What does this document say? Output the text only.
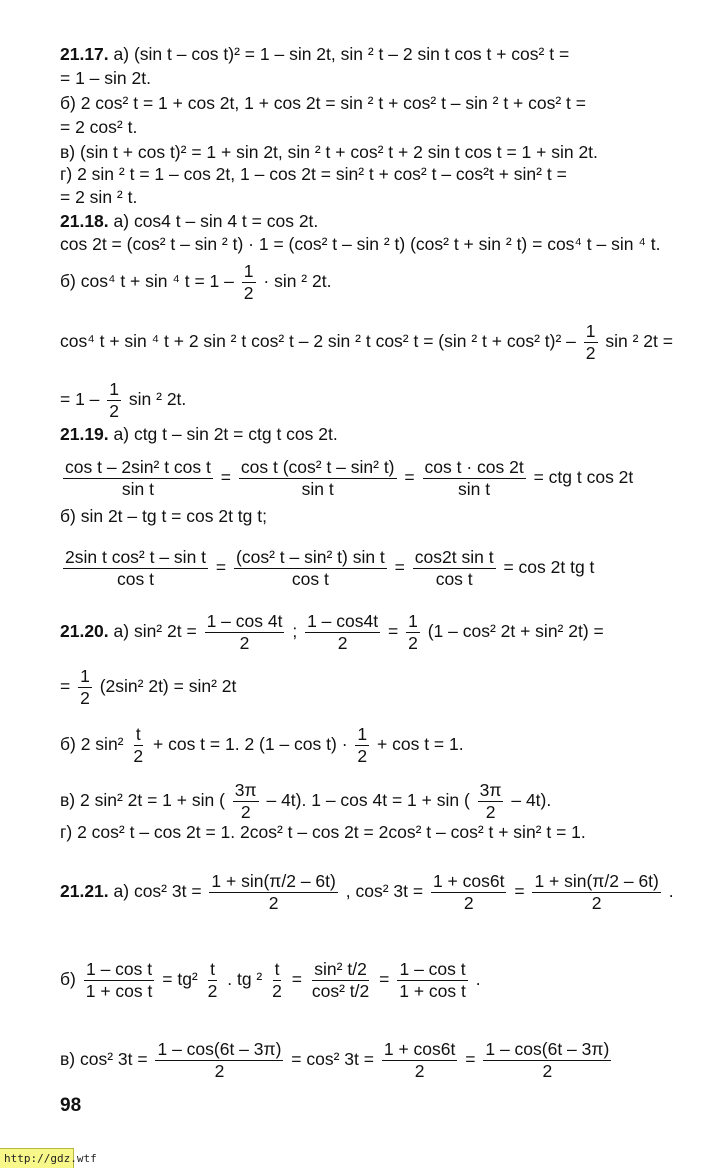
21.17. а) (sin t – cos t)² = 1 – sin 2t, sin ² t – 2 sin t cos t + cos² t =
= 1 – sin 2t.
б) 2 cos² t = 1 + cos 2t, 1 + cos 2t = sin ² t + cos² t – sin ² t + cos² t =
= 2 cos² t.
в) (sin t + cos t)² = 1 + sin 2t, sin ² t + cos² t + 2 sin t cos t = 1 + sin 2t.
г) 2 sin ² t = 1 – cos 2t, 1 – cos 2t = sin² t + cos² t – cos²t + sin² t =
= 2 sin ² t.
21.18. а) cos4 t – sin 4 t = cos 2t.
cos 2t = (cos² t – sin ² t) · 1 = (cos² t – sin ² t) (cos² t + sin ² t) = cos⁴ t – sin ⁴ t.
б) cos⁴ t + sin ⁴ $t = 1 - \frac{1}{2} \cdot \sin ^2$ 2t.
cos⁴ t + sin ⁴ t + 2 sin ² t cos² t – 2 sin ² t cos² t = (sin ² t + cos² $t)^2 - \frac{1}{2}$ sin ² 2t =
= $1 - \frac{1}{2}$ sin ² 2t.
21.19. а) ctg t – sin 2t = ctg t cos 2t.
$\frac{\text{cos t – 2sin² t cos t}}{\text{sin t}} = \frac{\text{cos t (cos² t – sin² t)}}{\text{sin t}} = \frac{\text{cos t · cos 2t}}{\text{sin t}}$ = ctg t cos 2t
б) sin 2t – tg t = cos 2t tg t;
$\frac{\text{2sin t cos² t – sin t}}{\text{cos t}} = \frac{\text{(cos² t – sin² t) sin t}}{\text{cos t}} = \frac{\text{cos2t sin t}}{\text{cos t}} = \cos 2t$ tg t
21.20. а) sin² $2t = \frac{1 - \cos 4t}{2}$ ; $\frac{1 - \cos 4t}{2} = \frac{1}{2} (1 - \cos^2$ 2t + sin² 2t) =
= $\frac{1}{2} (2\sin^2$ 2t) = sin² 2t
б) 2 $\sin^2 \frac{t}{2} + \cos t = 1$. 2 $(1 - \cos t) \cdot \frac{1}{2} + \cos t = 1$.
в) 2 sin² 2t = 1 + sin ( $\frac{3\pi}{2} - 4t$). 1 – cos 4t = 1 + sin ( $\frac{3\pi}{2} - 4t$).
г) 2 cos² t – cos 2t = 1. 2cos² t – cos 2t = 2cos² t – cos² t + sin² t = 1.
21.21. а) cos² $3t = \frac{1 + \sin(\pi/2 - 6t)}{2}$ , cos² $3t = \frac{1 + \cos 6t}{2} = \frac{1 + \sin(\pi/2 - 6t)}{2}$ .
$б) \frac{\text{1 – cos t}}{\text{1 + cos t}} = tg^2 \frac{t}{2}$ . tg $^2 \frac{t}{2} = \frac{\text{sin² t/2}}{\text{cos² t/2}} = \frac{\text{1 – cos t}}{\text{1 + cos t}}$ .
в) cos² $3t = \frac{1 - \cos(6t - 3\pi)}{2} = \cos^2$ $3t = \frac{1 + \cos 6t}{2} = \frac{1 - \cos(6t - 3\pi)}{2}$
98
http://gdz.wtf
